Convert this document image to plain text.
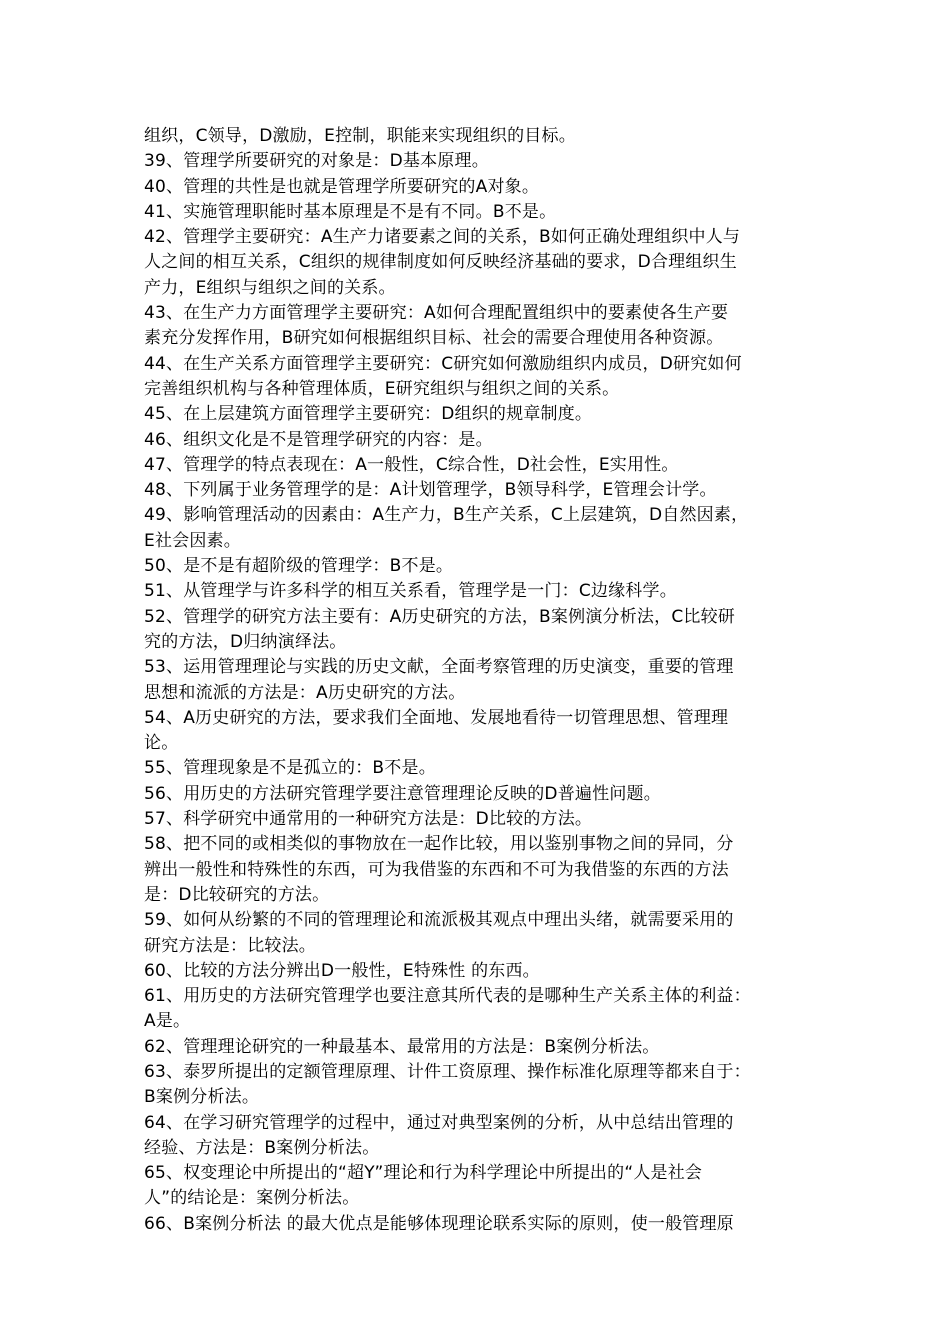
组织，C领导，D激励，E控制，职能来实现组织的目标。
39、管理学所要研究的对象是：D基本原理。
40、管理的共性是也就是管理学所要研究的A对象。
41、实施管理职能时基本原理是不是有不同。B不是。
42、管理学主要研究：A生产力诸要素之间的关系，B如何正确处理组织中人与
人之间的相互关系，C组织的规律制度如何反映经济基础的要求，D合理组织生
产力，E组织与组织之间的关系。
43、在生产力方面管理学主要研究：A如何合理配置组织中的要素使各生产要
素充分发挥作用，B研究如何根据组织目标、社会的需要合理使用各种资源。
44、在生产关系方面管理学主要研究：C研究如何激励组织内成员，D研究如何
完善组织机构与各种管理体质，E研究组织与组织之间的关系。
45、在上层建筑方面管理学主要研究：D组织的规章制度。
46、组织文化是不是管理学研究的内容：是。
47、管理学的特点表现在：A一般性，C综合性，D社会性，E实用性。
48、下列属于业务管理学的是：A计划管理学，B领导科学，E管理会计学。
49、影响管理活动的因素由：A生产力，B生产关系，C上层建筑，D自然因素，
E社会因素。
50、是不是有超阶级的管理学：B不是。
51、从管理学与许多科学的相互关系看，管理学是一门：C边缘科学。
52、管理学的研究方法主要有：A历史研究的方法，B案例演分析法，C比较研
究的方法，D归纳演绎法。
53、运用管理理论与实践的历史文献，全面考察管理的历史演变，重要的管理
思想和流派的方法是：A历史研究的方法。
54、A历史研究的方法，要求我们全面地、发展地看待一切管理思想、管理理
论。
55、管理现象是不是孤立的：B不是。
56、用历史的方法研究管理学要注意管理理论反映的D普遍性问题。
57、科学研究中通常用的一种研究方法是：D比较的方法。
58、把不同的或相类似的事物放在一起作比较，用以鉴别事物之间的异同，分
辨出一般性和特殊性的东西，可为我借鉴的东西和不可为我借鉴的东西的方法
是：D比较研究的方法。
59、如何从纷繁的不同的管理理论和流派极其观点中理出头绪，就需要采用的
研究方法是：比较法。
60、比较的方法分辨出D一般性，E特殊性 的东西。
61、用历史的方法研究管理学也要注意其所代表的是哪种生产关系主体的利益：
A是。
62、管理理论研究的一种最基本、最常用的方法是：B案例分析法。
63、泰罗所提出的定额管理原理、计件工资原理、操作标准化原理等都来自于：
B案例分析法。
64、在学习研究管理学的过程中，通过对典型案例的分析，从中总结出管理的
经验、方法是：B案例分析法。
65、权变理论中所提出的“超Y”理论和行为科学理论中所提出的“人是社会
人”的结论是：案例分析法。
66、B案例分析法 的最大优点是能够体现理论联系实际的原则，使一般管理原
